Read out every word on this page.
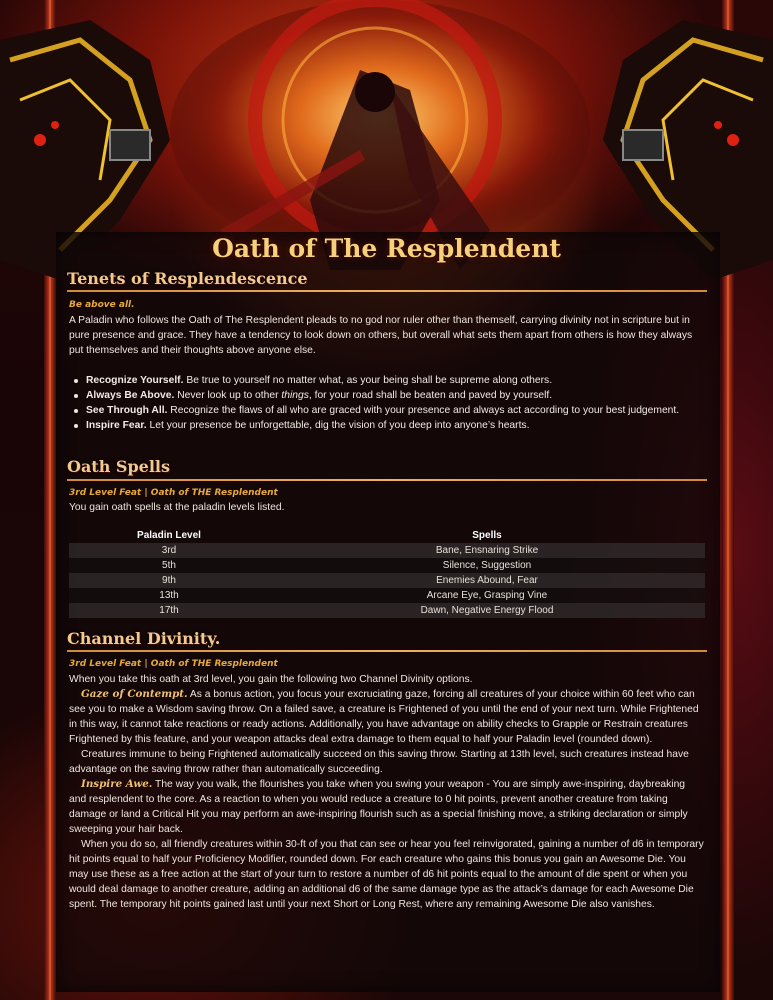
Oath of The Resplendent
Tenets of Resplendescence
Be above all.
A Paladin who follows the Oath of The Resplendent pleads to no god nor ruler other than themself, carrying divinity not in scripture but in pure presence and grace. They have a tendency to look down on others, but overall what sets them apart from others is how they always put themselves and their thoughts above anyone else.
Recognize Yourself. Be true to yourself no matter what, as your being shall be supreme along others.
Always Be Above. Never look up to other things, for your road shall be beaten and paved by yourself.
See Through All. Recognize the flaws of all who are graced with your presence and always act according to your best judgement.
Inspire Fear. Let your presence be unforgettable, dig the vision of you deep into anyone’s hearts.
Oath Spells
3rd Level Feat | Oath of THE Resplendent
You gain oath spells at the paladin levels listed.
Paladin Level	Spells
3rd	Bane, Ensnaring Strike
5th	Silence, Suggestion
9th	Enemies Abound, Fear
13th	Arcane Eye, Grasping Vine
17th	Dawn, Negative Energy Flood
Channel Divinity.
3rd Level Feat | Oath of THE Resplendent
When you take this oath at 3rd level, you gain the following two Channel Divinity options.
Gaze of Contempt. As a bonus action, you focus your excruciating gaze, forcing all creatures of your choice within 60 feet who can see you to make a Wisdom saving throw. On a failed save, a creature is Frightened of you until the end of your next turn. While Frightened in this way, it cannot take reactions or ready actions. Additionally, you have advantage on ability checks to Grapple or Restrain creatures Frightened by this feature, and your weapon attacks deal extra damage to them equal to half your Paladin level (rounded down).
Creatures immune to being Frightened automatically succeed on this saving throw. Starting at 13th level, such creatures instead have advantage on the saving throw rather than automatically succeeding.
Inspire Awe. The way you walk, the flourishes you take when you swing your weapon - You are simply awe-inspiring, daybreaking and resplendent to the core. As a reaction to when you would reduce a creature to 0 hit points, prevent another creature from taking damage or land a Critical Hit you may perform an awe-inspiring flourish such as a special finishing move, a striking declaration or simply sweeping your hair back.
When you do so, all friendly creatures within 30-ft of you that can see or hear you feel reinvigorated, gaining a number of d6 in temporary hit points equal to half your Proficiency Modifier, rounded down. For each creature who gains this bonus you gain an Awesome Die. You may use these as a free action at the start of your turn to restore a number of d6 hit points equal to the amount of die spent or when you would deal damage to another creature, adding an additional d6 of the same damage type as the attack’s damage for each Awesome Die spent. The temporary hit points gained last until your next Short or Long Rest, where any remaining Awesome Die also vanishes.
